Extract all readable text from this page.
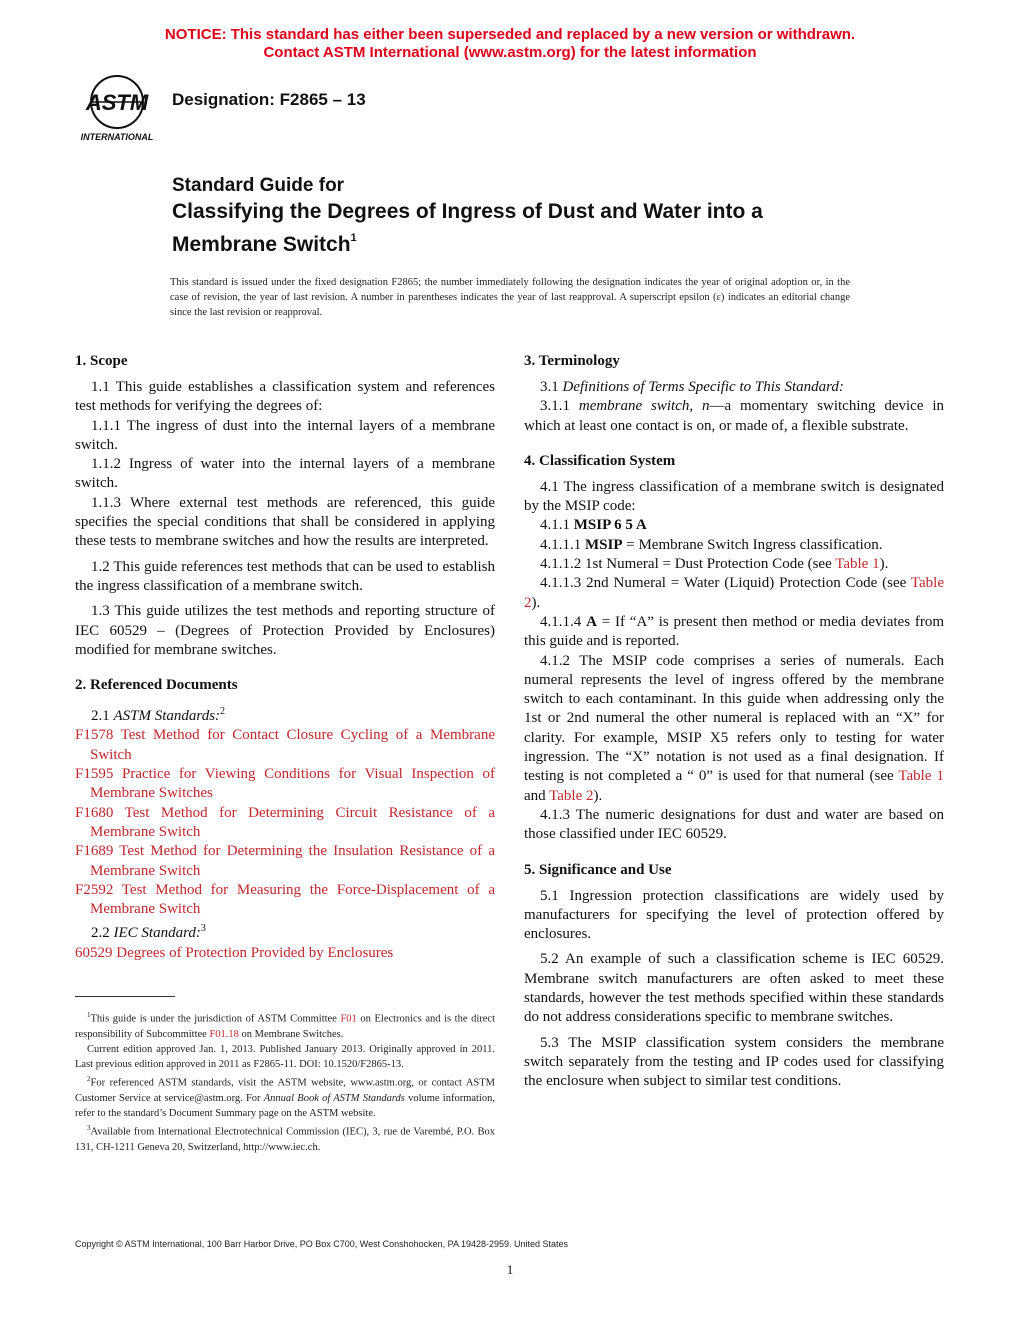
NOTICE: This standard has either been superseded and replaced by a new version or withdrawn.
Contact ASTM International (www.astm.org) for the latest information
ASTM
INTERNATIONAL
Designation: F2865 – 13
Standard Guide for
Classifying the Degrees of Ingress of Dust and Water into a
Membrane Switch$^1$
This standard is issued under the fixed designation F2865; the number immediately following the designation indicates the year of original adoption or, in the case of revision, the year of last revision. A number in parentheses indicates the year of last reapproval. A superscript epsilon (ε) indicates an editorial change since the last revision or reapproval.
1. Scope

1.1 This guide establishes a classification system and references test methods for verifying the degrees of:

1.1.1 The ingress of dust into the internal layers of a membrane switch.

1.1.2 Ingress of water into the internal layers of a membrane switch.

1.1.3 Where external test methods are referenced, this guide specifies the special conditions that shall be considered in applying these tests to membrane switches and how the results are interpreted.

1.2 This guide references test methods that can be used to establish the ingress classification of a membrane switch.

1.3 This guide utilizes the test methods and reporting structure of IEC 60529 – (Degrees of Protection Provided by Enclosures) modified for membrane switches.

2. Referenced Documents

2.1 ASTM Standards:$^2$

F1578 Test Method for Contact Closure Cycling of a Membrane Switch

F1595 Practice for Viewing Conditions for Visual Inspection of Membrane Switches

F1680 Test Method for Determining Circuit Resistance of a Membrane Switch

F1689 Test Method for Determining the Insulation Resistance of a Membrane Switch

F2592 Test Method for Measuring the Force-Displacement of a Membrane Switch

2.2 IEC Standard:$^3$

60529 Degrees of Protection Provided by Enclosures

$^1$This guide is under the jurisdiction of ASTM Committee F01 on Electronics and is the direct responsibility of Subcommittee F01.18 on Membrane Switches.

Current edition approved Jan. 1, 2013. Published January 2013. Originally approved in 2011. Last previous edition approved in 2011 as F2865-11. DOI: 10.1520/F2865-13.

$^2$For referenced ASTM standards, visit the ASTM website, www.astm.org, or contact ASTM Customer Service at service@astm.org. For Annual Book of ASTM Standards volume information, refer to the standard’s Document Summary page on the ASTM website.

$^3$Available from International Electrotechnical Commission (IEC), 3, rue de Varembé, P.O. Box 131, CH-1211 Geneva 20, Switzerland, http://www.iec.ch.

3. Terminology

3.1 Definitions of Terms Specific to This Standard:

3.1.1 membrane switch, n—a momentary switching device in which at least one contact is on, or made of, a flexible substrate.

4. Classification System

4.1 The ingress classification of a membrane switch is designated by the MSIP code:

4.1.1 MSIP 6 5 A

4.1.1.1 MSIP = Membrane Switch Ingress classification.

4.1.1.2 1st Numeral = Dust Protection Code (see Table 1).

4.1.1.3 2nd Numeral = Water (Liquid) Protection Code (see Table 2).

4.1.1.4 A = If “A” is present then method or media deviates from this guide and is reported.

4.1.2 The MSIP code comprises a series of numerals. Each numeral represents the level of ingress offered by the membrane switch to each contaminant. In this guide when addressing only the 1st or 2nd numeral the other numeral is replaced with an “X” for clarity. For example, MSIP X5 refers only to testing for water ingression. The “X” notation is not used as a final designation. If testing is not completed a “ 0” is used for that numeral (see Table 1 and Table 2).

4.1.3 The numeric designations for dust and water are based on those classified under IEC 60529.

5. Significance and Use

5.1 Ingression protection classifications are widely used by manufacturers for specifying the level of protection offered by enclosures.

5.2 An example of such a classification scheme is IEC 60529. Membrane switch manufacturers are often asked to meet these standards, however the test methods specified within these standards do not address considerations specific to membrane switches.

5.3 The MSIP classification system considers the membrane switch separately from the testing and IP codes used for classifying the enclosure when subject to similar test conditions.

Copyright © ASTM International, 100 Barr Harbor Drive, PO Box C700, West Conshohocken, PA 19428-2959. United States
1
